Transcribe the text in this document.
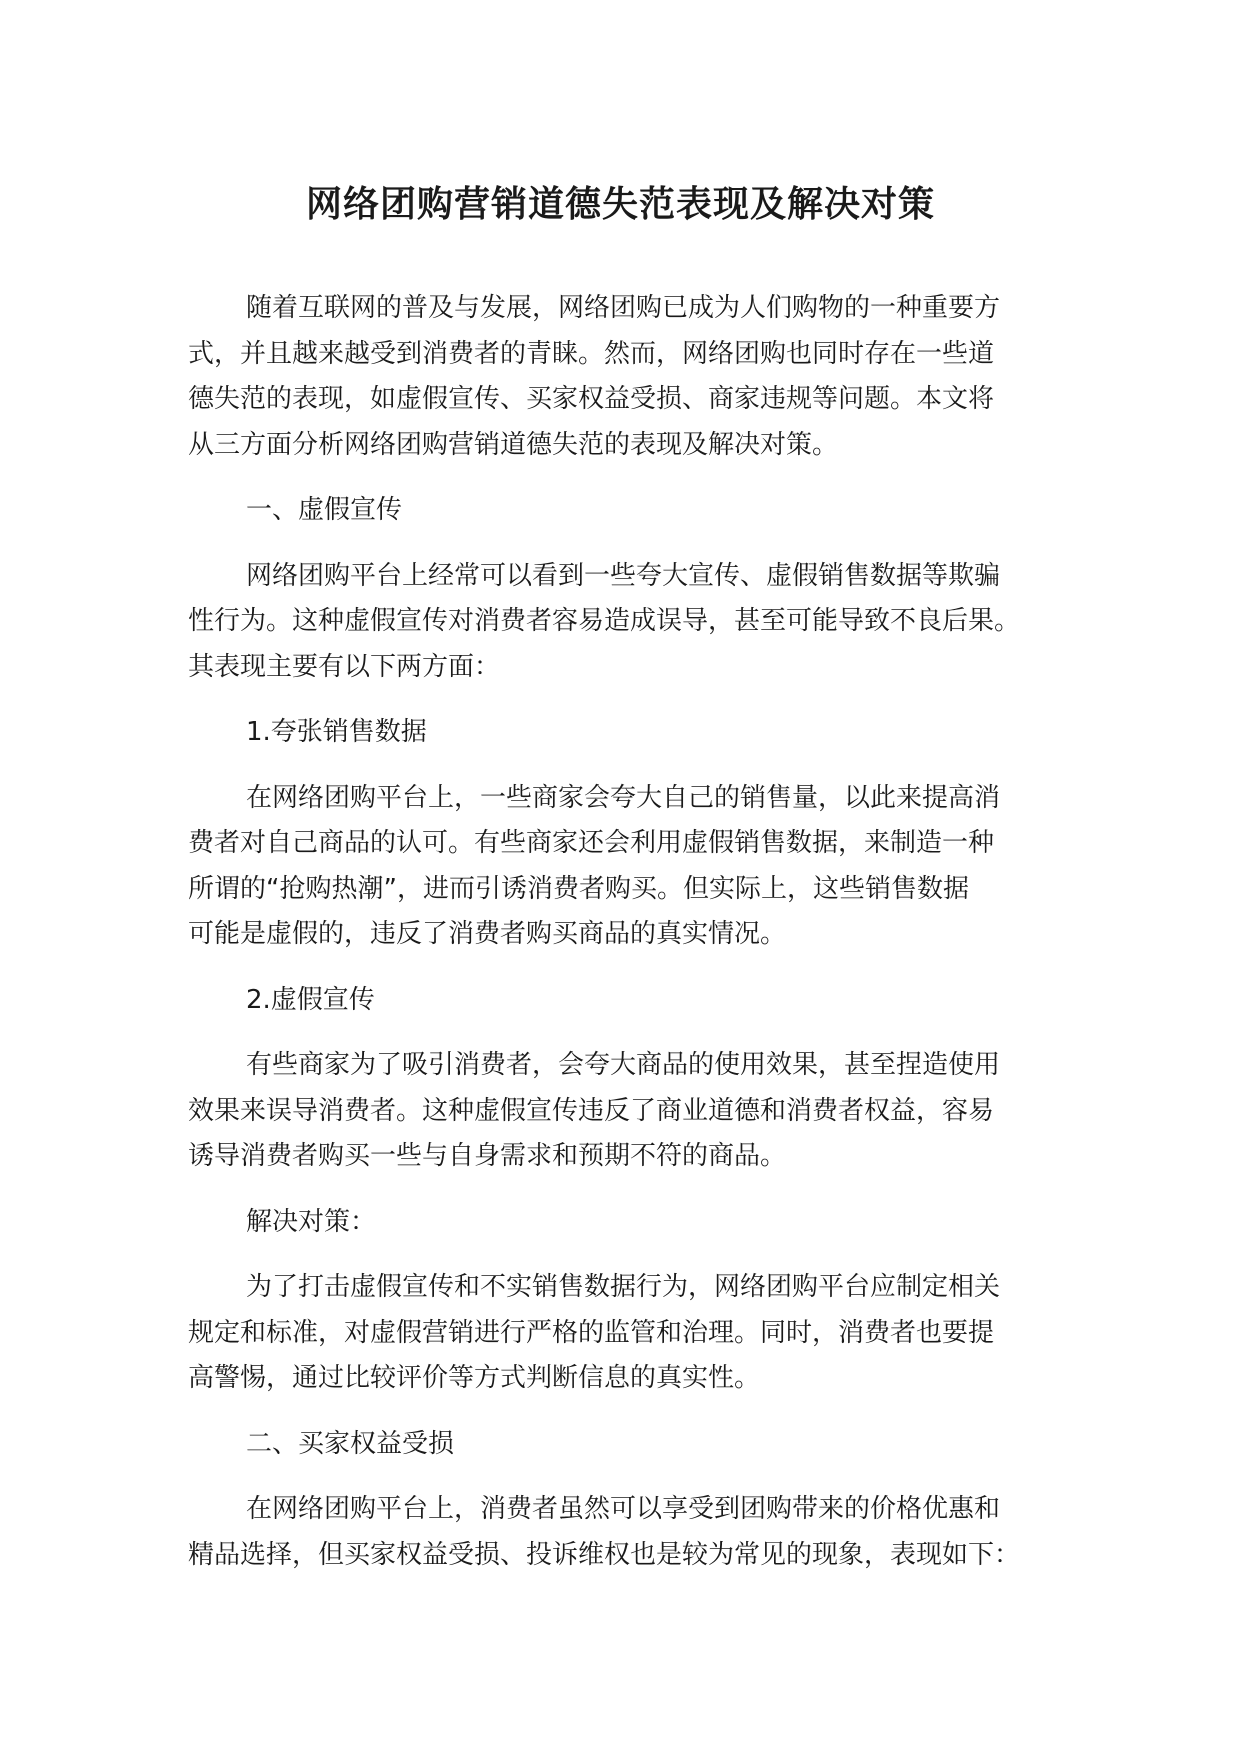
网络团购营销道德失范表现及解决对策

随着互联网的普及与发展，网络团购已成为人们购物的一种重要方
式，并且越来越受到消费者的青睐。然而，网络团购也同时存在一些道
德失范的表现，如虚假宣传、买家权益受损、商家违规等问题。本文将
从三方面分析网络团购营销道德失范的表现及解决对策。

一、虚假宣传

网络团购平台上经常可以看到一些夸大宣传、虚假销售数据等欺骗
性行为。这种虚假宣传对消费者容易造成误导，甚至可能导致不良后果。
其表现主要有以下两方面：

1.夸张销售数据

在网络团购平台上，一些商家会夸大自己的销售量，以此来提高消
费者对自己商品的认可。有些商家还会利用虚假销售数据，来制造一种
所谓的“抢购热潮”，进而引诱消费者购买。但实际上，这些销售数据
可能是虚假的，违反了消费者购买商品的真实情况。

2.虚假宣传

有些商家为了吸引消费者，会夸大商品的使用效果，甚至捏造使用
效果来误导消费者。这种虚假宣传违反了商业道德和消费者权益，容易
诱导消费者购买一些与自身需求和预期不符的商品。

解决对策：

为了打击虚假宣传和不实销售数据行为，网络团购平台应制定相关
规定和标准，对虚假营销进行严格的监管和治理。同时，消费者也要提
高警惕，通过比较评价等方式判断信息的真实性。

二、买家权益受损

在网络团购平台上，消费者虽然可以享受到团购带来的价格优惠和
精品选择，但买家权益受损、投诉维权也是较为常见的现象，表现如下：
